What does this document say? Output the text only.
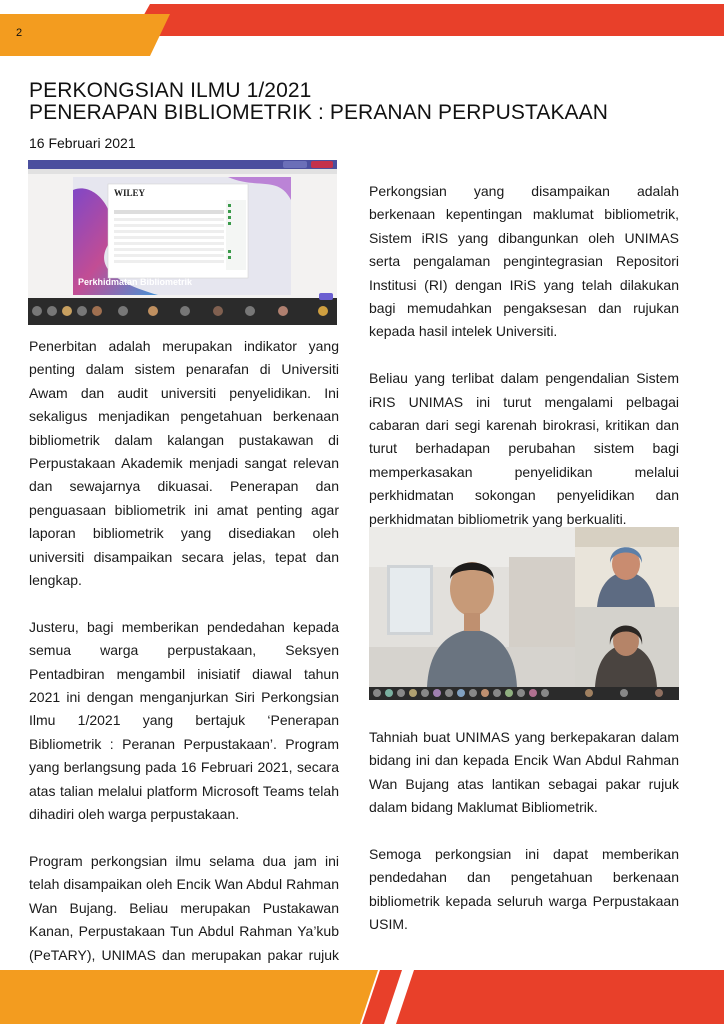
2
PERKONGSIAN ILMU 1/2021
PENERAPAN BIBLIOMETRIK : PERANAN PERPUSTAKAAN
16 Februari 2021
WILEY
Perkhidmatan Bibliometrik

Penerbitan adalah merupakan indikator yang penting dalam sistem penarafan di Universiti Awam dan audit universiti penyelidikan. Ini sekaligus menjadikan pengetahuan berkenaan bibliometrik dalam kalangan pustakawan di Perpustakaan Akademik menjadi sangat relevan dan sewajarnya dikuasai. Penerapan dan penguasaan bibliometrik ini amat penting agar laporan bibliometrik yang disediakan oleh universiti disampaikan secara jelas, tepat dan lengkap.

Justeru, bagi memberikan pendedahan kepada semua warga perpustakaan, Seksyen Pentadbiran mengambil inisiatif diawal tahun 2021 ini dengan menganjurkan Siri Perkongsian Ilmu 1/2021 yang bertajuk ‘Penerapan Bibliometrik : Peranan Perpustakaan’. Program yang berlangsung pada 16 Februari 2021, secara atas talian melalui platform Microsoft Teams telah dihadiri oleh warga perpustakaan.

Program perkongsian ilmu selama dua jam ini telah disampaikan oleh Encik Wan Abdul Rahman Wan Bujang. Beliau merupakan Pustakawan Kanan, Perpustakaan Tun Abdul Rahman Ya’kub (PeTARY), UNIMAS dan merupakan pakar rujuk

Perkongsian yang disampaikan adalah berkenaan kepentingan maklumat bibliometrik, Sistem iRIS yang dibangunkan oleh UNIMAS serta pengalaman pengintegrasian Repositori Institusi (RI) dengan IRiS yang telah dilakukan bagi memudahkan pengaksesan dan rujukan kepada hasil intelek Universiti.

Beliau yang terlibat dalam pengendalian Sistem iRIS UNIMAS ini turut mengalami pelbagai cabaran dari segi karenah birokrasi, kritikan dan turut berhadapan perubahan sistem bagi memperkasakan penyelidikan melalui perkhidmatan sokongan penyelidikan dan perkhidmatan bibliometrik yang berkualiti.

Tahniah buat UNIMAS yang berkepakaran dalam bidang ini dan kepada Encik Wan Abdul Rahman Wan Bujang atas lantikan sebagai pakar rujuk dalam bidang Maklumat Bibliometrik.

Semoga perkongsian ini dapat memberikan pendedahan dan pengetahuan berkenaan bibliometrik kepada seluruh warga Perpustakaan USIM.
